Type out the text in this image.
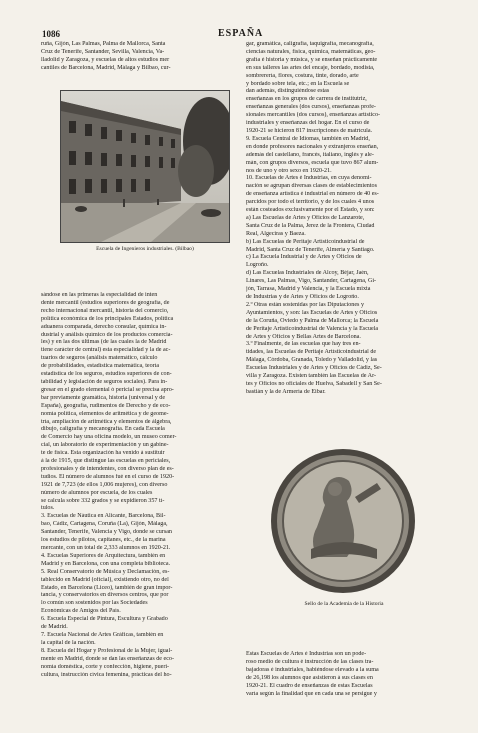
1086	ESPAÑA

ruña, Gijón, Las Palmas, Palma de Mallorca, Santa

Cruz de Tenerife, Santander, Sevilla, Valencia, Va-

lladolid y Zaragoza, y escuelas de altos estudios mer

cantiles de Barcelona, Madrid, Málaga y Bilbao, cur-

Escuela de Ingenieros industriales. (Bilbao)

sándose en las primeras la especialidad de inten

dente mercantil (estudios superiores de geografía, de

recho internacional mercantil, historia del comercio,

política económica de los principales Estados, política

aduanera comparada, derecho consular, química in-

dustrial y análisis químico de los productos comercia-

les) y en las dos últimas (de las cuales la de Madrid

tiene carácter de central) esta especialidad y la de ac-

tuarios de seguros (análisis matemático, cálculo

de probabilidades, estadística matemática, teoría

estadística de los seguros, estudios superiores de con-

tabilidad y legislación de seguros sociales). Para in-

gresar en el grado elemental ó pericial se precisa apro-

bar previamente gramática, historia (universal y de

España), geografía, rudimentos de Derecho y de eco-

nomía política, elementos de aritmética y de geome-

tría, ampliación de aritmética y elementos de álgebra,

dibujo, caligrafía y mecanografía. En cada Escuela

de Comercio hay una oficina modelo, un museo comer-

cial, un laboratorio de experimentación y un gabine-

te de física. Esta organización ha venido á sustituir

á la de 1915, que distingue las escuelas en periciales,

profesionales y de intendentes, con diverso plan de es-

tudios. El número de alumnos fué en el curso de 1920-

1921 de 7,723 (de ellos 1,006 mujeres), con diverso

número de alumnos por escuela, de los cuales

se calcula sobre 332 grados y se expidieron 357 tí-

tulos.

3. Escuelas de Náutica en Alicante, Barcelona, Bil-

bao, Cádiz, Cartagena, Coruña (La), Gijón, Málaga,

Santander, Tenerife, Valencia y Vigo, donde se cursan

los estudios de pilotos, capitanes, etc., de la marina

mercante, con un total de 2,333 alumnos en 1920-21.

4. Escuelas Superiores de Arquitectura, también en

Madrid y en Barcelona, con una completa biblioteca.

5. Real Conservatorio de Música y Declamación, es-

tablecido en Madrid (oficial), existiendo otro, no del

Estado, en Barcelona (Liceo), también de gran impor-

tancia, y conservatorios en diversos centros, que por

lo común son sostenidos por las Sociedades

Económicas de Amigos del País.

6. Escuela Especial de Pintura, Escultura y Grabado

de Madrid.

7. Escuela Nacional de Artes Gráficas, también en

la capital de la nación.

8. Escuela del Hogar y Profesional de la Mujer, igual-

mente en Madrid, donde se dan las enseñanzas de eco-

nomía doméstica, corte y confección, higiene, pueri-

cultura, instrucción cívica femenina, prácticas del ho-

gar, gramática, caligrafía, taquigrafía, mecanografía,

ciencias naturales, física, química, matemáticas, geo-

grafía é historia y música, y se enseñan prácticamente

en sus talleres las artes del encaje, bordado, modista,

sombrerería, flores, costura, tinte, dorado, arte

y bordado sobre tela, etc.; en la Escuela se

dan además, distinguiéndose estas

enseñanzas en los grupos de carrera de institutriz,

enseñanzas generales (dos cursos), enseñanzas profe-

sionales mercantiles (dos cursos), enseñanzas artístico-

industriales y enseñanzas del hogar. En el curso de

1920-21 se hicieron 817 inscripciones de matrícula.

9. Escuela Central de Idiomas, también en Madrid,

en donde profesores nacionales y extranjeros enseñan,

además del castellano, francés, italiano, inglés y ale-

mán, con grupos diversos, escuela que tuvo 867 alum-

nos de uno y otro sexo en 1920-21.

10. Escuelas de Artes é Industrias, en cuya denomi-

nación se agrupan diversas clases de establecimientos

de enseñanza artística é industrial en número de 40 es-

parcidos por todo el territorio, y de los cuales 4 unos

están costeados exclusivamente por el Estado, y son:

a) Las Escuelas de Artes y Oficios de Lanzarote,

Santa Cruz de la Palma, Jerez de la Frontera, Ciudad

Real, Algeciras y Baeza.

b) Las Escuelas de Peritaje Artísticoindustrial de

Madrid, Santa Cruz de Tenerife, Almería y Santiago.

c) La Escuela Industrial y de Artes y Oficios de

Logroño.

d) Las Escuelas Industriales de Alcoy, Béjar, Jaén,

Linares, Las Palmas, Vigo, Santander, Cartagena, Gi-

jón, Tarrasa, Madrid y Valencia, y la Escuela mixta

de Industrias y de Artes y Oficios de Logroño.

2.º Otras están sostenidas por las Diputaciones y

Ayuntamientos, y son: las Escuelas de Artes y Oficios

de la Coruña, Oviedo y Palma de Mallorca; la Escuela

de Peritaje Artísticoindustrial de Valencia y la Escuela

de Artes y Oficios y Bellas Artes de Barcelona.

3.º Finalmente, de las escuelas que hay tres en-

tidades, las Escuelas de Peritaje Artísticoindustrial de

Málaga, Córdoba, Granada, Toledo y Valladolid, y las

Escuelas Industriales y de Artes y Oficios de Cádiz, Se-

villa y Zaragoza. Existen también las Escuelas de Ar-

tes y Oficios no oficiales de Huelva, Sabadell y San Se-

bastián y la de Armería de Eibar.

Sello de la Academia de la Historia

Estas Escuelas de Artes é Industrias son un pode-

roso medio de cultura é instrucción de las clases tra-

bajadoras é industriales, habiéndose elevado a la suma

de 26,198 los alumnos que asistieron á sus clases en

1920-21. El cuadro de enseñanzas de estas Escuelas

varía según la finalidad que en cada una se persigue y
